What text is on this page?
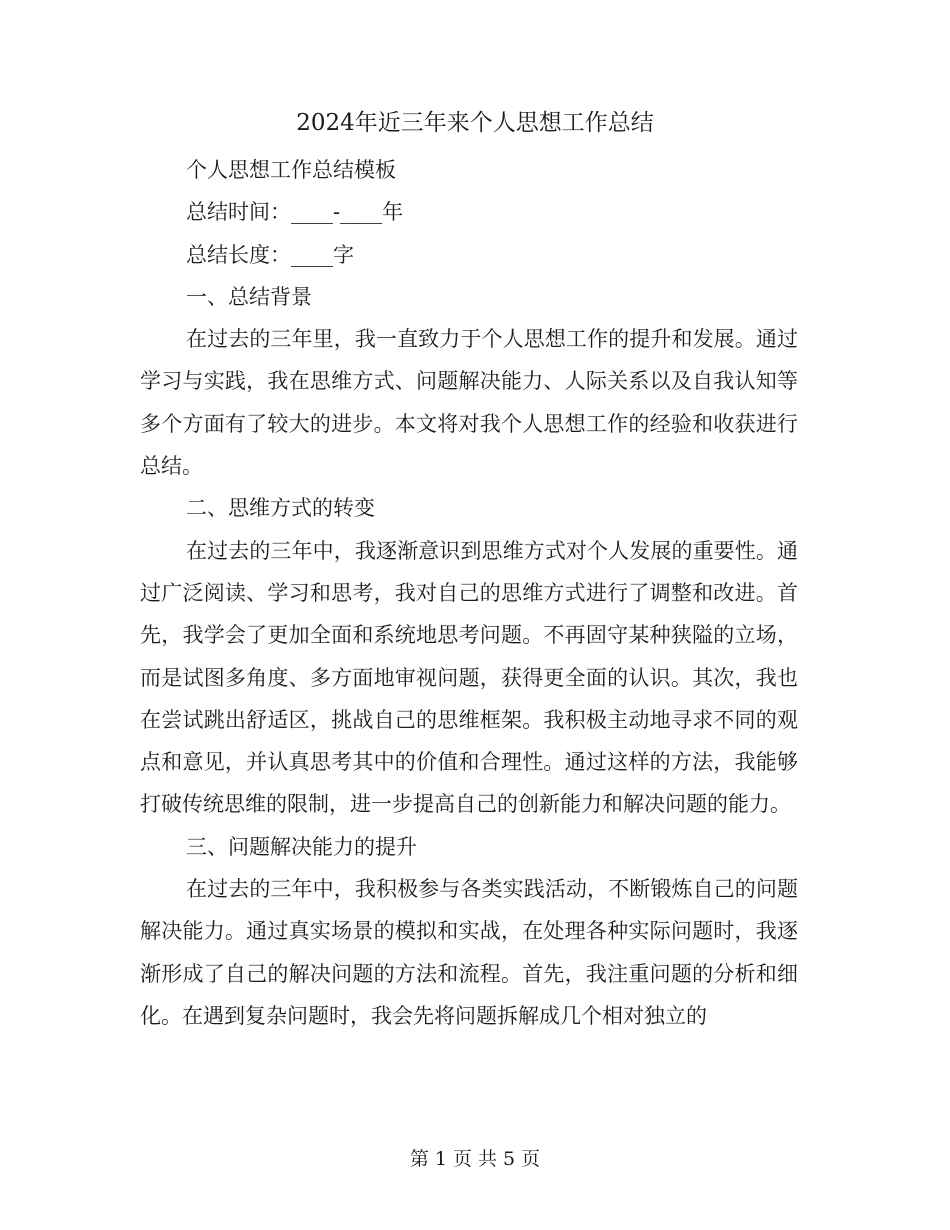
2024年近三年来个人思想工作总结

个人思想工作总结模板

总结时间：____-____年

总结长度：____字

一、总结背景

在过去的三年里，我一直致力于个人思想工作的提升和发展。通过学习与实践，我在思维方式、问题解决能力、人际关系以及自我认知等多个方面有了较大的进步。本文将对我个人思想工作的经验和收获进行总结。

二、思维方式的转变

在过去的三年中，我逐渐意识到思维方式对个人发展的重要性。通过广泛阅读、学习和思考，我对自己的思维方式进行了调整和改进。首先，我学会了更加全面和系统地思考问题。不再固守某种狭隘的立场，而是试图多角度、多方面地审视问题，获得更全面的认识。其次，我也在尝试跳出舒适区，挑战自己的思维框架。我积极主动地寻求不同的观点和意见，并认真思考其中的价值和合理性。通过这样的方法，我能够打破传统思维的限制，进一步提高自己的创新能力和解决问题的能力。

三、问题解决能力的提升

在过去的三年中，我积极参与各类实践活动，不断锻炼自己的问题解决能力。通过真实场景的模拟和实战，在处理各种实际问题时，我逐渐形成了自己的解决问题的方法和流程。首先，我注重问题的分析和细化。在遇到复杂问题时，我会先将问题拆解成几个相对独立的

第 1 页 共 5 页
